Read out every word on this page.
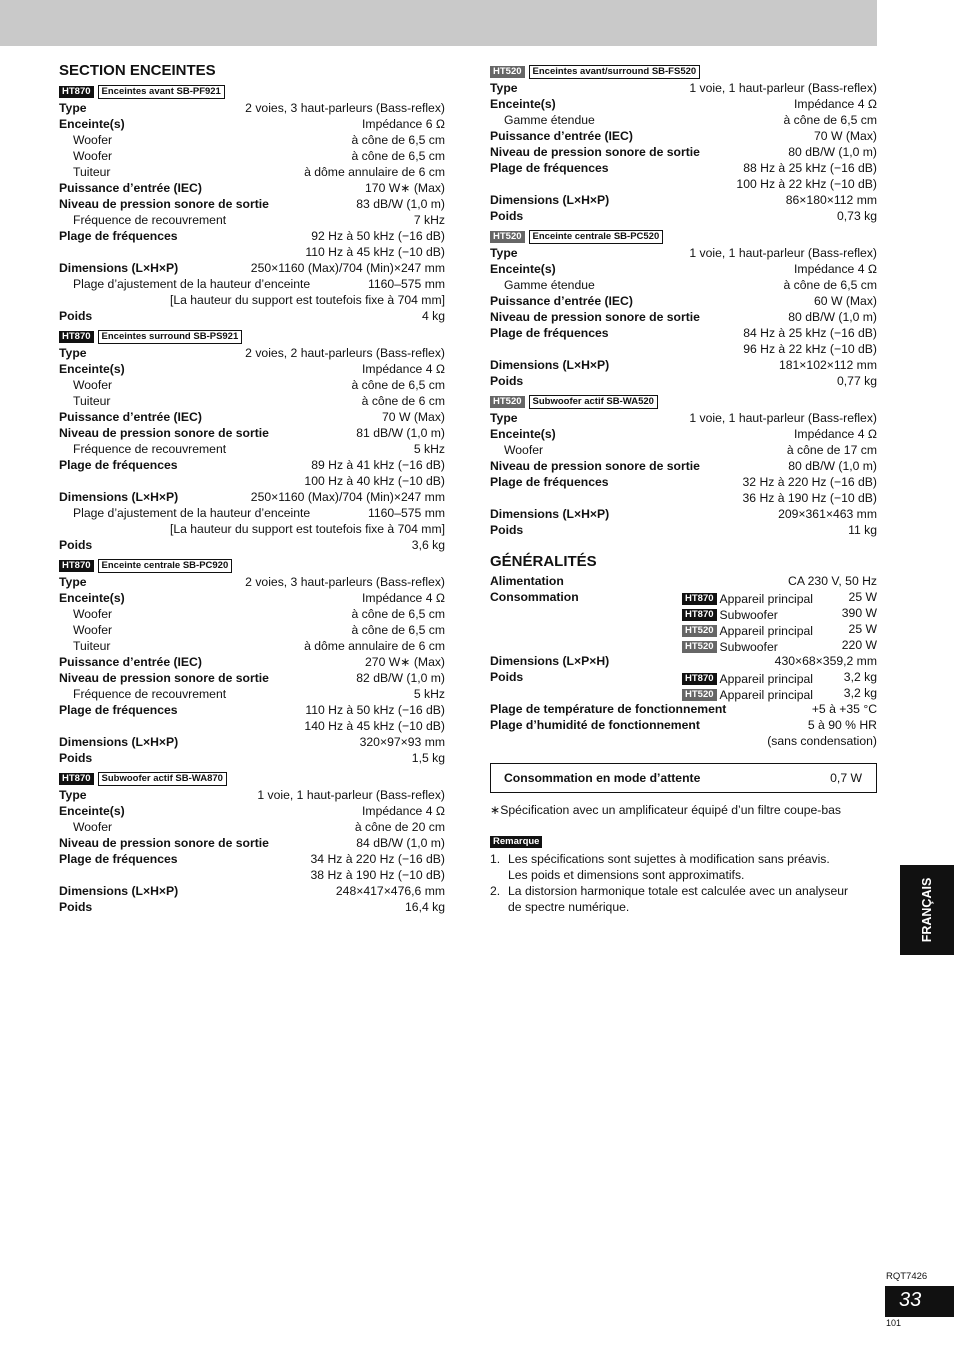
SECTION ENCEINTES
HT870	Enceintes avant SB-PF921
Type	2 voies, 3 haut-parleurs (Bass-reflex)
Enceinte(s)	Impédance 6 Ω
Woofer	à cône de 6,5 cm
Woofer	à cône de 6,5 cm
Tuiteur	à dôme annulaire de 6 cm
Puissance d’entrée (IEC)	170 W∗ (Max)
Niveau de pression sonore de sortie	83 dB/W (1,0 m)
Fréquence de recouvrement	7 kHz
Plage de fréquences	92 Hz à 50 kHz (−16 dB)
110 Hz à 45 kHz (−10 dB)
Dimensions (L×H×P)	250×1160 (Max)/704 (Min)×247 mm
Plage d’ajustement de la hauteur d’enceinte	1160–575 mm
[La hauteur du support est toutefois fixe à 704 mm]
Poids	4 kg
HT870	Enceintes surround SB-PS921
Type	2 voies, 2 haut-parleurs (Bass-reflex)
Enceinte(s)	Impédance 4 Ω
Woofer	à cône de 6,5 cm
Tuiteur	à cône de 6 cm
Puissance d’entrée (IEC)	70 W (Max)
Niveau de pression sonore de sortie	81 dB/W (1,0 m)
Fréquence de recouvrement	5 kHz
Plage de fréquences	89 Hz à 41 kHz (−16 dB)
100 Hz à 40 kHz (−10 dB)
Dimensions (L×H×P)	250×1160 (Max)/704 (Min)×247 mm
Plage d’ajustement de la hauteur d’enceinte	1160–575 mm
[La hauteur du support est toutefois fixe à 704 mm]
Poids	3,6 kg
HT870	Enceinte centrale SB-PC920
Type	2 voies, 3 haut-parleurs (Bass-reflex)
Enceinte(s)	Impédance 4 Ω
Woofer	à cône de 6,5 cm
Woofer	à cône de 6,5 cm
Tuiteur	à dôme annulaire de 6 cm
Puissance d’entrée (IEC)	270 W∗ (Max)
Niveau de pression sonore de sortie	82 dB/W (1,0 m)
Fréquence de recouvrement	5 kHz
Plage de fréquences	110 Hz à 50 kHz (−16 dB)
140 Hz à 45 kHz (−10 dB)
Dimensions (L×H×P)	320×97×93 mm
Poids	1,5 kg
HT870	Subwoofer actif SB-WA870
Type	1 voie, 1 haut-parleur (Bass-reflex)
Enceinte(s)	Impédance 4 Ω
Woofer	à cône de 20 cm
Niveau de pression sonore de sortie	84 dB/W (1,0 m)
Plage de fréquences	34 Hz à 220 Hz (−16 dB)
38 Hz à 190 Hz (−10 dB)
Dimensions (L×H×P)	248×417×476,6 mm
Poids	16,4 kg
HT520	Enceintes avant/surround SB-FS520
Type	1 voie, 1 haut-parleur (Bass-reflex)
Enceinte(s)	Impédance 4 Ω
Gamme étendue	à cône de 6,5 cm
Puissance d’entrée (IEC)	70 W (Max)
Niveau de pression sonore de sortie	80 dB/W (1,0 m)
Plage de fréquences	88 Hz à 25 kHz (−16 dB)
100 Hz à 22 kHz (−10 dB)
Dimensions (L×H×P)	86×180×112 mm
Poids	0,73 kg
HT520	Enceinte centrale SB-PC520
Type	1 voie, 1 haut-parleur (Bass-reflex)
Enceinte(s)	Impédance 4 Ω
Gamme étendue	à cône de 6,5 cm
Puissance d’entrée (IEC)	60 W (Max)
Niveau de pression sonore de sortie	80 dB/W (1,0 m)
Plage de fréquences	84 Hz à 25 kHz (−16 dB)
96 Hz à 22 kHz (−10 dB)
Dimensions (L×H×P)	181×102×112 mm
Poids	0,77 kg
HT520	Subwoofer actif SB-WA520
Type	1 voie, 1 haut-parleur (Bass-reflex)
Enceinte(s)	Impédance 4 Ω
Woofer	à cône de 17 cm
Niveau de pression sonore de sortie	80 dB/W (1,0 m)
Plage de fréquences	32 Hz à 220 Hz (−16 dB)
36 Hz à 190 Hz (−10 dB)
Dimensions (L×H×P)	209×361×463 mm
Poids	11 kg
GÉNÉRALITÉS
Alimentation	CA 230 V, 50 Hz
Consommation	HT870 Appareil principal	25 W
HT870 Subwoofer	390 W
HT520 Appareil principal	25 W
HT520 Subwoofer	220 W
Dimensions (L×P×H)	430×68×359,2 mm
Poids	HT870 Appareil principal	3,2 kg
HT520 Appareil principal	3,2 kg
Plage de température de fonctionnement	+5 à +35 °C
Plage d’humidité de fonctionnement	5 à 90 % HR
(sans condensation)
Consommation en mode d’attente	0,7 W
∗Spécification avec un amplificateur équipé d’un filtre coupe-bas
Remarque
1. Les spécifications sont sujettes à modification sans préavis.
Les poids et dimensions sont approximatifs.
2. La distorsion harmonique totale est calculée avec un analyseur
de spectre numérique.	FRANÇAIS
RQT7426
33
101
